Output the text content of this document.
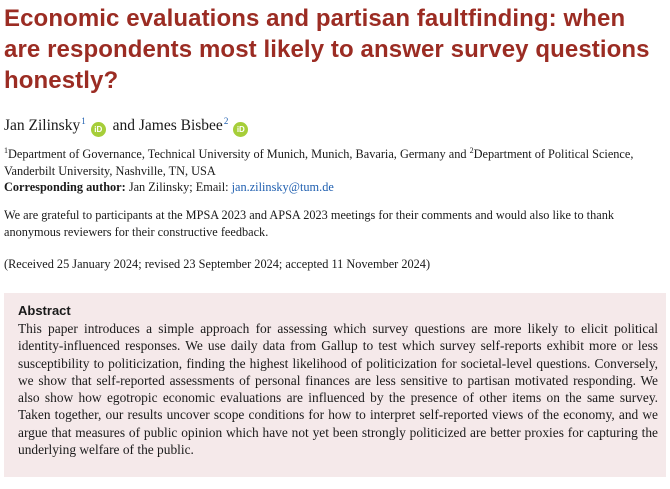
Economic evaluations and partisan faultfinding: when are respondents most likely to answer survey questions honestly?
Jan Zilinsky$^1$iD and James Bisbee$^2$iD
$^1$Department of Governance, Technical University of Munich, Munich, Bavaria, Germany and $^2$Department of Political Science, Vanderbilt University, Nashville, TN, USA
Corresponding author: Jan Zilinsky; Email: jan.zilinsky@tum.de
We are grateful to participants at the MPSA 2023 and APSA 2023 meetings for their comments and would also like to thank anonymous reviewers for their constructive feedback.
(Received 25 January 2024; revised 23 September 2024; accepted 11 November 2024)
Abstract

This paper introduces a simple approach for assessing which survey questions are more likely to elicit political identity-influenced responses. We use daily data from Gallup to test which survey self-reports exhibit more or less susceptibility to politicization, finding the highest likelihood of politicization for societal-level questions. Conversely, we show that self-reported assessments of personal finances are less sensitive to partisan motivated responding. We also show how egotropic economic evaluations are influenced by the presence of other items on the same survey. Taken together, our results uncover scope conditions for how to interpret self-reported views of the economy, and we argue that measures of public opinion which have not yet been strongly politicized are better proxies for capturing the underlying welfare of the public.
